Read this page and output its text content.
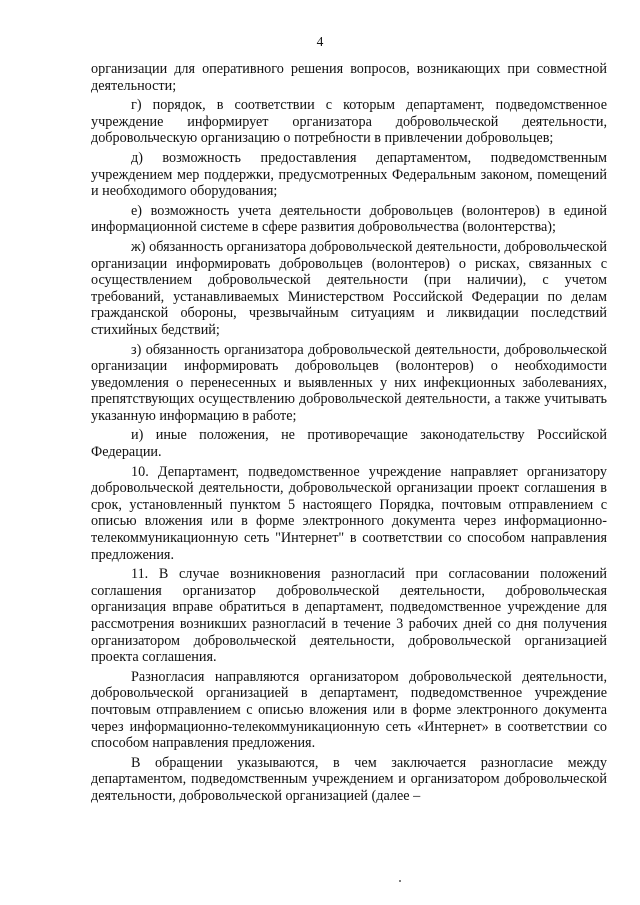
4

организации для оперативного решения вопросов, возникающих при совместной деятельности;

г) порядок, в соответствии с которым департамент, подведомственное учреждение информирует организатора добровольческой деятельности, добровольческую организацию о потребности в привлечении добровольцев;

д) возможность предоставления департаментом, подведомственным учреждением мер поддержки, предусмотренных Федеральным законом, помещений и необходимого оборудования;

е) возможность учета деятельности добровольцев (волонтеров) в единой информационной системе в сфере развития добровольчества (волонтерства);

ж) обязанность организатора добровольческой деятельности, добровольческой организации информировать добровольцев (волонтеров) о рисках, связанных с осуществлением добровольческой деятельности (при наличии), с учетом требований, устанавливаемых Министерством Российской Федерации по делам гражданской обороны, чрезвычайным ситуациям и ликвидации последствий стихийных бедствий;

з) обязанность организатора добровольческой деятельности, добровольческой организации информировать добровольцев (волонтеров) о необходимости уведомления о перенесенных и выявленных у них инфекционных заболеваниях, препятствующих осуществлению добровольческой деятельности, а также учитывать указанную информацию в работе;

и) иные положения, не противоречащие законодательству Российской Федерации.

10. Департамент, подведомственное учреждение направляет организатору добровольческой деятельности, добровольческой организации проект соглашения в срок, установленный пунктом 5 настоящего Порядка, почтовым отправлением с описью вложения или в форме электронного документа через информационно-телекоммуникационную сеть "Интернет" в соответствии со способом направления предложения.

11. В случае возникновения разногласий при согласовании положений соглашения организатор добровольческой деятельности, добровольческая организация вправе обратиться в департамент, подведомственное учреждение для рассмотрения возникших разногласий в течение 3 рабочих дней со дня получения организатором добровольческой деятельности, добровольческой организацией проекта соглашения.

Разногласия направляются организатором добровольческой деятельности, добровольческой организацией в департамент, подведомственное учреждение почтовым отправлением с описью вложения или в форме электронного документа через информационно-телекоммуникационную сеть «Интернет» в соответствии со способом направления предложения.

В обращении указываются, в чем заключается разногласие между департаментом, подведомственным учреждением и организатором добровольческой деятельности, добровольческой организацией (далее –
